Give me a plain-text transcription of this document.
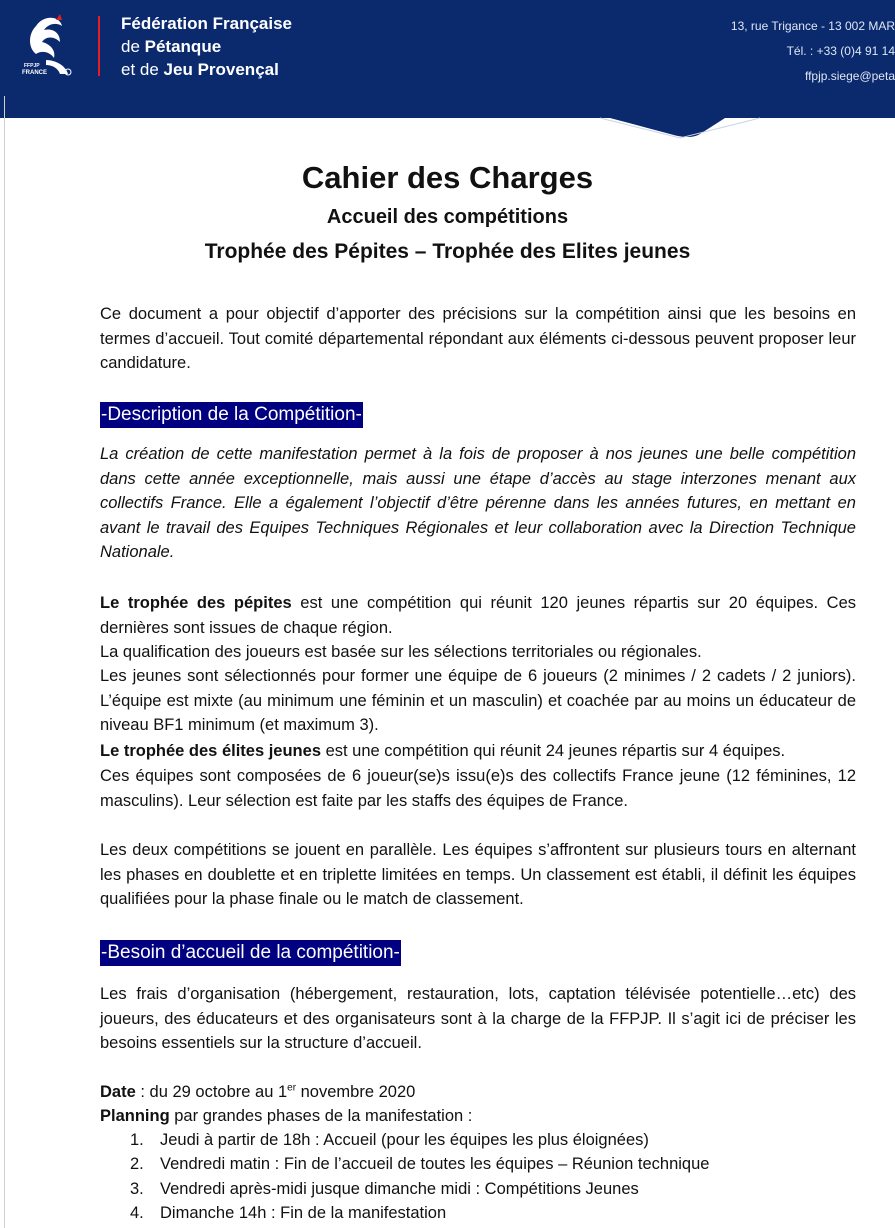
FFPJP
FRANCE
Fédération Française
de Pétanque
et de Jeu Provençal
13, rue Trigance - 13 002 MAR
Tél. : +33 (0)4 91 14
ffpjp.siege@peta
Cahier des Charges
Accueil des compétitions
Trophée des Pépites – Trophée des Elites jeunes
Ce document a pour objectif d’apporter des précisions sur la compétition ainsi que les besoins en termes d’accueil. Tout comité départemental répondant aux éléments ci-dessous peuvent proposer leur candidature.
-Description de la Compétition-
La création de cette manifestation permet à la fois de proposer à nos jeunes une belle compétition dans cette année exceptionnelle, mais aussi une étape d’accès au stage interzones menant aux collectifs France. Elle a également l’objectif d’être pérenne dans les années futures, en mettant en avant le travail des Equipes Techniques Régionales et leur collaboration avec la Direction Technique Nationale.
Le trophée des pépites est une compétition qui réunit 120 jeunes répartis sur 20 équipes. Ces dernières sont issues de chaque région.
La qualification des joueurs est basée sur les sélections territoriales ou régionales.
Les jeunes sont sélectionnés pour former une équipe de 6 joueurs (2 minimes / 2 cadets / 2 juniors). L’équipe est mixte (au minimum une féminin et un masculin) et coachée par au moins un éducateur de niveau BF1 minimum (et maximum 3).
Le trophée des élites jeunes est une compétition qui réunit 24 jeunes répartis sur 4 équipes.
Ces équipes sont composées de 6 joueur(se)s issu(e)s des collectifs France jeune (12 féminines, 12 masculins). Leur sélection est faite par les staffs des équipes de France.
Les deux compétitions se jouent en parallèle. Les équipes s’affrontent sur plusieurs tours en alternant les phases en doublette et en triplette limitées en temps. Un classement est établi, il définit les équipes qualifiées pour la phase finale ou le match de classement.
-Besoin d’accueil de la compétition-
Les frais d’organisation (hébergement, restauration, lots, captation télévisée potentielle…etc) des joueurs, des éducateurs et des organisateurs sont à la charge de la FFPJP. Il s’agit ici de préciser les besoins essentiels sur la structure d’accueil.
Date : du 29 octobre au 1er novembre 2020
Planning par grandes phases de la manifestation :
1. Jeudi à partir de 18h : Accueil (pour les équipes les plus éloignées)
2. Vendredi matin : Fin de l’accueil de toutes les équipes – Réunion technique
3. Vendredi après-midi jusque dimanche midi : Compétitions Jeunes
4. Dimanche 14h : Fin de la manifestation
